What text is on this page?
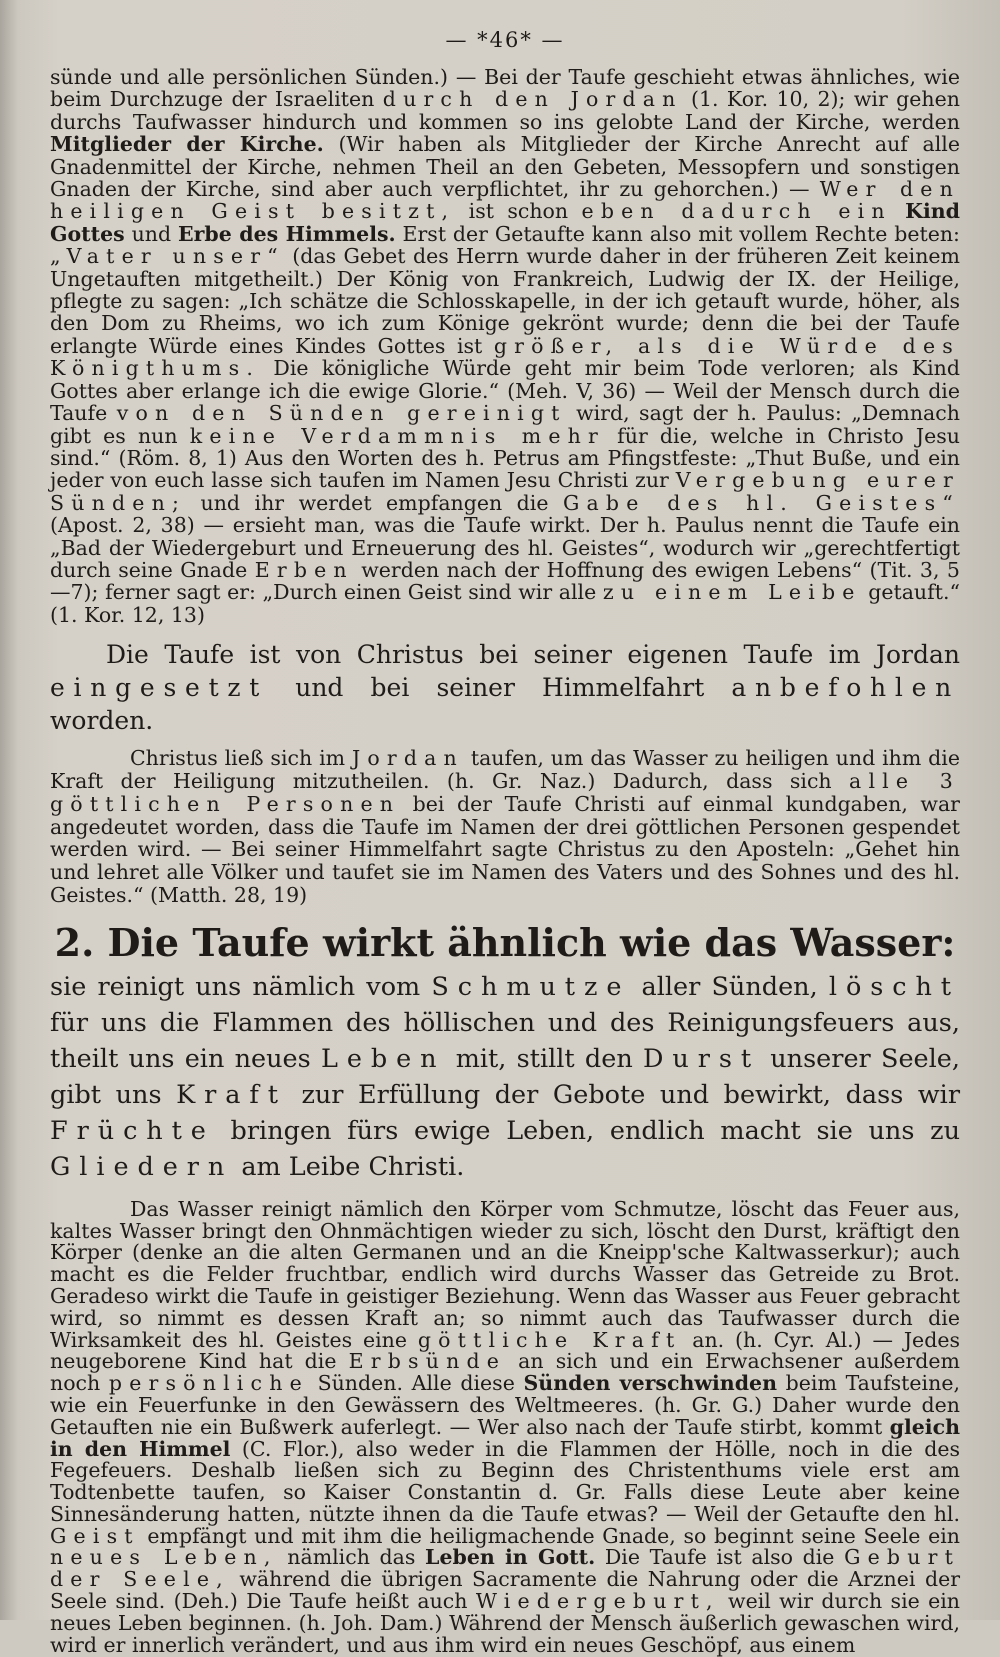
— *46* —

sünde und alle persönlichen Sünden.) — Bei der Taufe geschieht etwas ähnliches, wie beim Durchzuge der Israeliten durch den Jordan (1. Kor. 10, 2); wir gehen durchs Taufwasser hindurch und kommen so ins gelobte Land der Kirche, werden Mitglieder der Kirche. (Wir haben als Mitglieder der Kirche Anrecht auf alle Gnadenmittel der Kirche, nehmen Theil an den Gebeten, Messopfern und sonstigen Gnaden der Kirche, sind aber auch verpflichtet, ihr zu gehorchen.) — Wer den heiligen Geist besitzt, ist schon eben dadurch ein Kind Gottes und Erbe des Himmels. Erst der Getaufte kann also mit vollem Rechte beten: „Vater unser“ (das Gebet des Herrn wurde daher in der früheren Zeit keinem Ungetauften mitgetheilt.) Der König von Frankreich, Ludwig der IX. der Heilige, pflegte zu sagen: „Ich schätze die Schlosskapelle, in der ich getauft wurde, höher, als den Dom zu Rheims, wo ich zum Könige gekrönt wurde; denn die bei der Taufe erlangte Würde eines Kindes Gottes ist größer, als die Würde des Königthums. Die königliche Würde geht mir beim Tode verloren; als Kind Gottes aber erlange ich die ewige Glorie.“ (Meh. V, 36) — Weil der Mensch durch die Taufe von den Sünden gereinigt wird, sagt der h. Paulus: „Demnach gibt es nun keine Verdammnis mehr für die, welche in Christo Jesu sind.“ (Röm. 8, 1) Aus den Worten des h. Petrus am Pfingstfeste: „Thut Buße, und ein jeder von euch lasse sich taufen im Namen Jesu Christi zur Vergebung eurer Sünden; und ihr werdet empfangen die Gabe des hl. Geistes“ (Apost. 2, 38) — ersieht man, was die Taufe wirkt. Der h. Paulus nennt die Taufe ein „Bad der Wiedergeburt und Erneuerung des hl. Geistes“, wodurch wir „gerechtfertigt durch seine Gnade Erben werden nach der Hoffnung des ewigen Lebens“ (Tit. 3, 5—7); ferner sagt er: „Durch einen Geist sind wir alle zu einem Leibe getauft.“ (1. Kor. 12, 13)

Die Taufe ist von Christus bei seiner eigenen Taufe im Jordan eingesetzt und bei seiner Himmelfahrt anbefohlen worden.

Christus ließ sich im Jordan taufen, um das Wasser zu heiligen und ihm die Kraft der Heiligung mitzutheilen. (h. Gr. Naz.) Dadurch, dass sich alle 3 göttlichen Personen bei der Taufe Christi auf einmal kundgaben, war angedeutet worden, dass die Taufe im Namen der drei göttlichen Personen gespendet werden wird. — Bei seiner Himmelfahrt sagte Christus zu den Aposteln: „Gehet hin und lehret alle Völker und taufet sie im Namen des Vaters und des Sohnes und des hl. Geistes.“ (Matth. 28, 19)

2. Die Taufe wirkt ähnlich wie das Wasser:

sie reinigt uns nämlich vom Schmutze aller Sünden, löscht für uns die Flammen des höllischen und des Reinigungsfeuers aus, theilt uns ein neues Leben mit, stillt den Durst unserer Seele, gibt uns Kraft zur Erfüllung der Gebote und bewirkt, dass wir Früchte bringen fürs ewige Leben, endlich macht sie uns zu Gliedern am Leibe Christi.

Das Wasser reinigt nämlich den Körper vom Schmutze, löscht das Feuer aus, kaltes Wasser bringt den Ohnmächtigen wieder zu sich, löscht den Durst, kräftigt den Körper (denke an die alten Germanen und an die Kneipp'sche Kaltwasserkur); auch macht es die Felder fruchtbar, endlich wird durchs Wasser das Getreide zu Brot. Geradeso wirkt die Taufe in geistiger Beziehung. Wenn das Wasser aus Feuer gebracht wird, so nimmt es dessen Kraft an; so nimmt auch das Taufwasser durch die Wirksamkeit des hl. Geistes eine göttliche Kraft an. (h. Cyr. Al.) — Jedes neugeborene Kind hat die Erbsünde an sich und ein Erwachsener außerdem noch persönliche Sünden. Alle diese Sünden verschwinden beim Taufsteine, wie ein Feuerfunke in den Gewässern des Weltmeeres. (h. Gr. G.) Daher wurde den Getauften nie ein Bußwerk auferlegt. — Wer also nach der Taufe stirbt, kommt gleich in den Himmel (C. Flor.), also weder in die Flammen der Hölle, noch in die des Fegefeuers. Deshalb ließen sich zu Beginn des Christenthums viele erst am Todtenbette taufen, so Kaiser Constantin d. Gr. Falls diese Leute aber keine Sinnesänderung hatten, nützte ihnen da die Taufe etwas? — Weil der Getaufte den hl. Geist empfängt und mit ihm die heiligmachende Gnade, so beginnt seine Seele ein neues Leben, nämlich das Leben in Gott. Die Taufe ist also die Geburt der Seele, während die übrigen Sacramente die Nahrung oder die Arznei der Seele sind. (Deh.) Die Taufe heißt auch Wiedergeburt, weil wir durch sie ein neues Leben beginnen. (h. Joh. Dam.) Während der Mensch äußerlich gewaschen wird, wird er innerlich verändert, und aus ihm wird ein neues Geschöpf, aus einem
